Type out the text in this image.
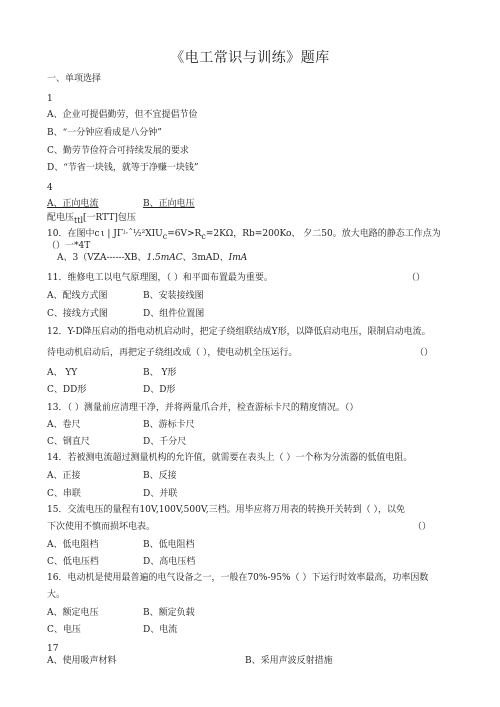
《电工常识与训练》题库
一、单项选择
1
A、企业可提倡勤劳，但不宜提倡节俭
B、“一分钟应看成是八分钟”
C、勤劳节俭符合可持续发展的要求
D、“节省一块钱，就等于净赚一块钱”
4
A、正向电流	B、正向电压
配电压$_{ttl}$[一RTT]包压
10．在图中c ι | $J\Gamma ʲ\cdot ˆ\frac{1}{2}^2XIU_c=6V>R_c=2K\Omega$，Rb=200Ko、 夕二50。放大电路的静态工作点为
（）一*4T
A、3（VZA------XB、1.5mAC、3mAD、ImA
11．维修电工以电气原理图，（ ）和平面布置最为重要。	（）
A、配线方式图	B、安装接线图
C、接线方式图	D、组件位置图
12．Y-D降压启动的指电动机启动时，把定子绕组联结成Y形，以降低启动电压，限制启动电流。
待电动机启动后，再把定子绕组改成（ ），使电动机全压运行。	（）
A、 YY	B、 Y形
C、DD形	D、D形
13．（ ）测量前应清理干净，并将两量爪合并，检查游标卡尺的精度情况。（）
A、卷尺	B、游标卡尺
C、钢直尺	D、千分尺
14．若被测电流超过测量机构的允许值，就需要在表头上（ ）一个称为分流器的低值电阻。
A、正接	B、反接
C、串联	D、并联
15．交流电压的量程有10V,100V,500V,三档。用毕应将万用表的转换开关转到（ ），以免
下次使用不慎而损坏电表。	（）
A、低电阻档	B、低电阻档
C、低电压档	D、高电压档
16．电动机是使用最普遍的电气设备之一，一般在70%-95%（ ）下运行时效率最高，功率因数
大。
A、额定电压	B、额定负载
C、电压	D、电流
17
A、使用吸声材料	B、采用声波反射措施
